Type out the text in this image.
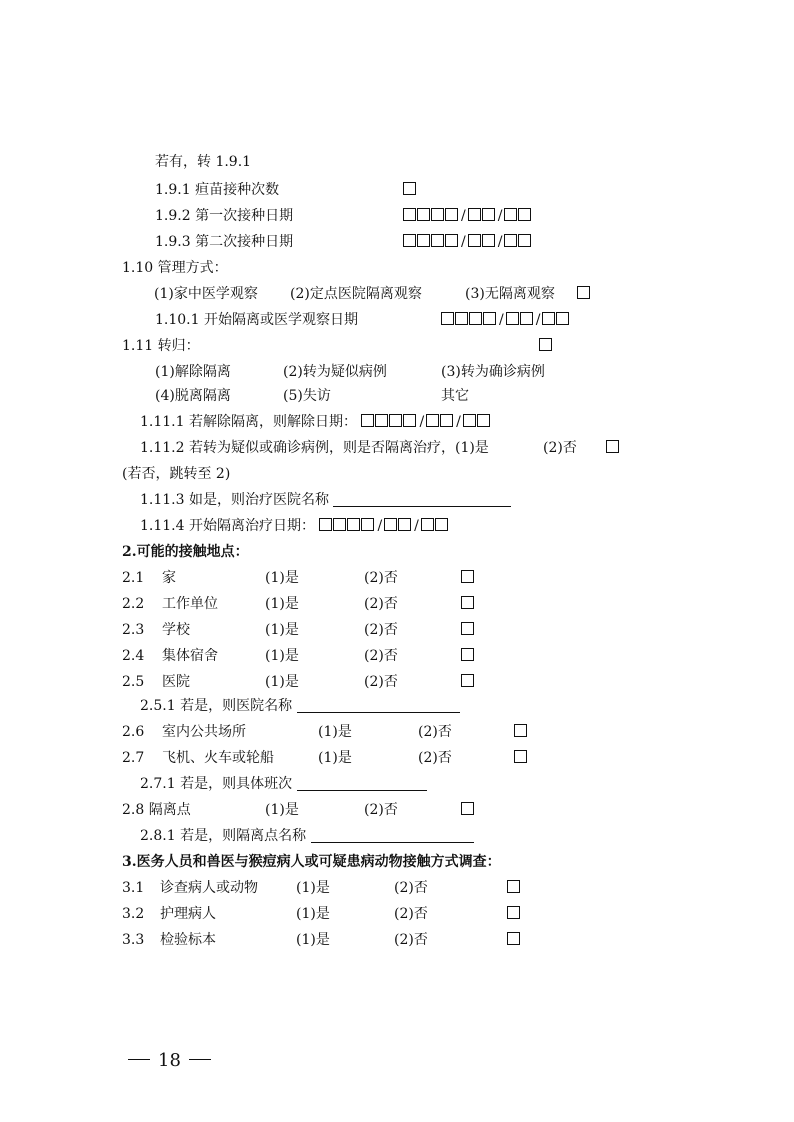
若有，转 1.9.1
1.9.1 疸苗接种次数
1.9.2 第一次接种日期	/ /
1.9.3 第二次接种日期	/ /
1.10 管理方式：
(1)家中医学观察 (2)定点医院隔离观察	(3)无隔离观察
1.10.1 开始隔离或医学观察日期	/ /
1.11 转归：
(1)解除隔离	(2)转为疑似病例	(3)转为确诊病例
(4)脱离隔离	(5)失访	其它
1.11.1 若解除隔离，则解除日期：	/ /
1.11.2 若转为疑似或确诊病例，则是否隔离治疗，(1)是	(2)否
(若否，跳转至 2)
1.11.3 如是，则治疗医院名称
1.11.4 开始隔离治疗日期：	/ /
2.可能的接触地点：
2.1 家	(1)是	(2)否
2.2 工作单位	(1)是	(2)否
2.3 学校	(1)是	(2)否
2.4 集体宿舍	(1)是	(2)否
2.5 医院	(1)是	(2)否
2.5.1 若是，则医院名称
2.6 室内公共场所	(1)是	(2)否
2.7 飞机、火车或轮船	(1)是	(2)否
2.7.1 若是，则具体班次
2.8 隔离点	(1)是	(2)否
2.8.1 若是，则隔离点名称
3.医务人员和兽医与猴痘病人或可疑患病动物接触方式调查：
3.1 诊查病人或动物	(1)是	(2)否
3.2 护理病人	(1)是	(2)否
3.3 检验标本	(1)是	(2)否
18
